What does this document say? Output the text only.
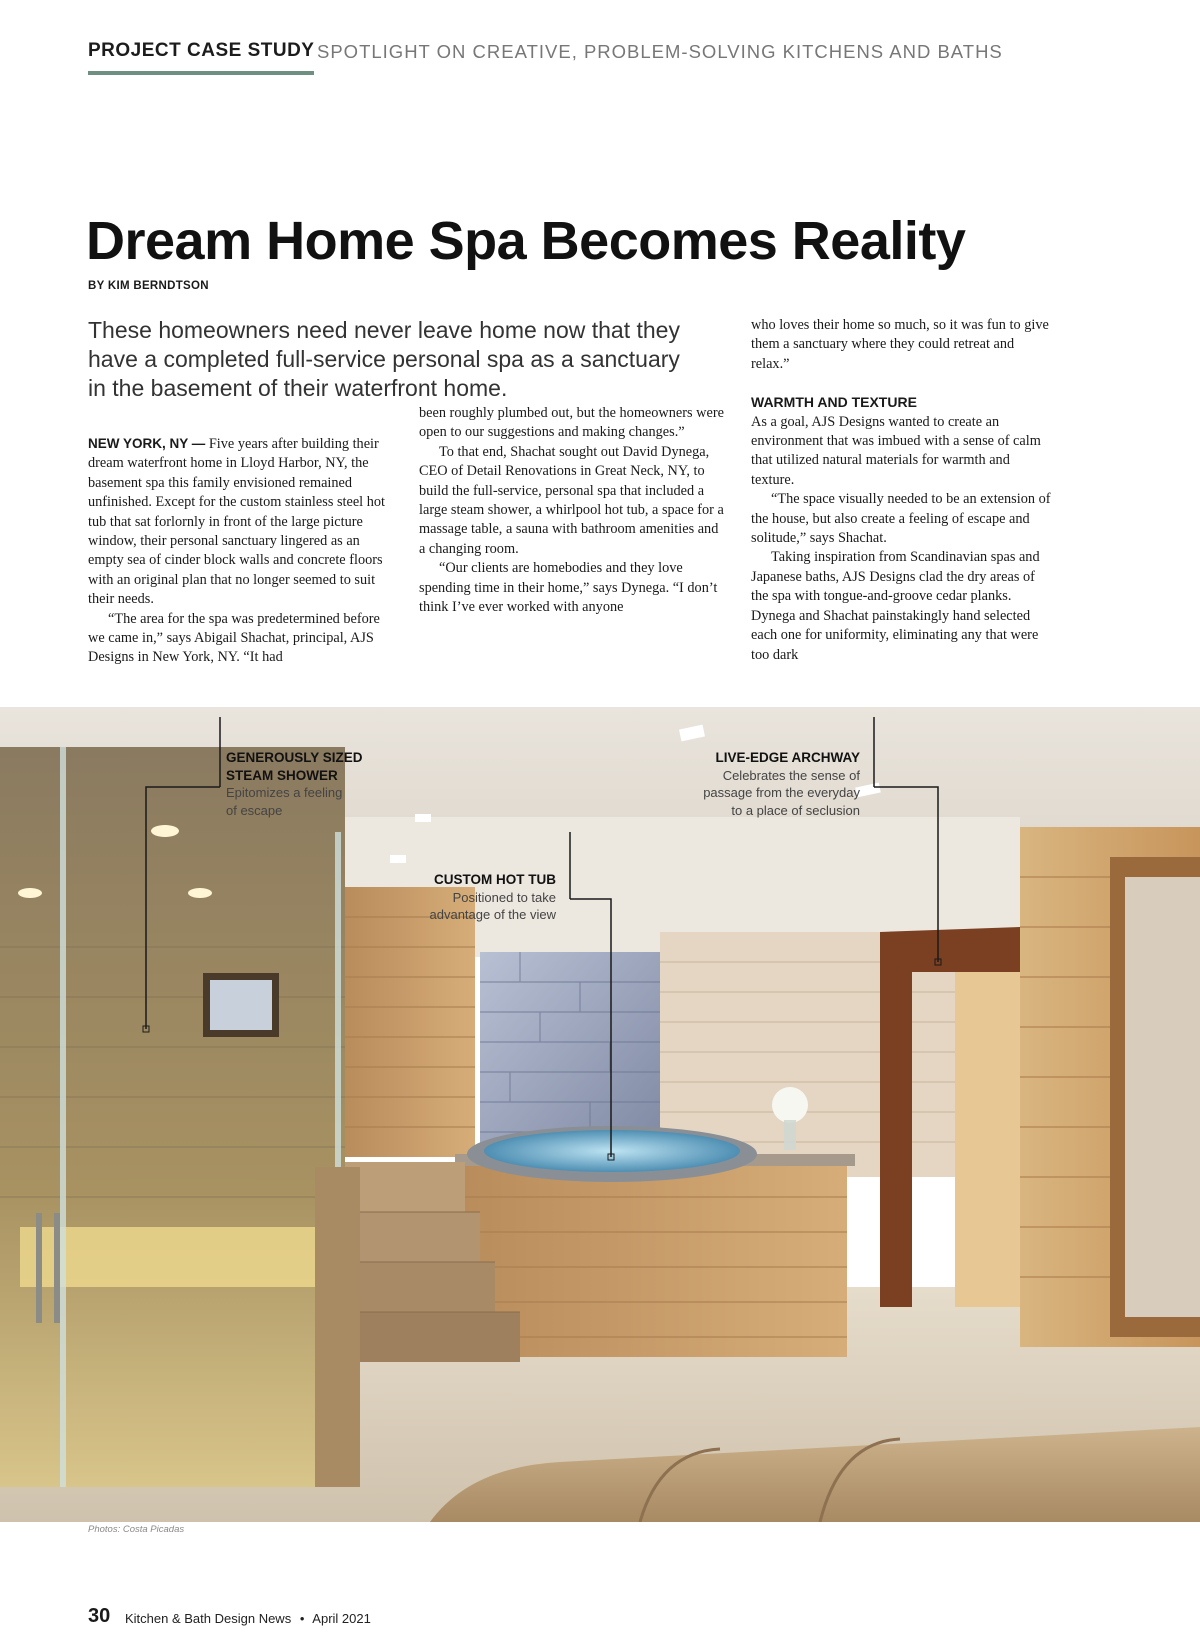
PROJECT CASE STUDY SPOTLIGHT ON CREATIVE, PROBLEM-SOLVING KITCHENS AND BATHS
Dream Home Spa Becomes Reality
BY KIM BERNDTSON
These homeowners need never leave home now that they have a completed full-service personal spa as a sanctuary in the basement of their waterfront home.

NEW YORK, NY — Five years after building their dream waterfront home in Lloyd Harbor, NY, the basement spa this family envisioned remained unfinished. Except for the custom stainless steel hot tub that sat forlornly in front of the large picture window, their personal sanctuary lingered as an empty sea of cinder block walls and concrete floors with an original plan that no longer seemed to suit their needs.

“The area for the spa was predetermined before we came in,” says Abigail Shachat, principal, AJS Designs in New York, NY. “It had

been roughly plumbed out, but the homeowners were open to our suggestions and making changes.”

To that end, Shachat sought out David Dynega, CEO of Detail Renovations in Great Neck, NY, to build the full-service, personal spa that included a large steam shower, a whirlpool hot tub, a space for a massage table, a sauna with bathroom amenities and a changing room.

“Our clients are homebodies and they love spending time in their home,” says Dynega. “I don’t think I’ve ever worked with anyone

who loves their home so much, so it was fun to give them a sanctuary where they could retreat and relax.”

WARMTH AND TEXTURE

As a goal, AJS Designs wanted to create an environment that was imbued with a sense of calm that utilized natural materials for warmth and texture.

“The space visually needed to be an extension of the house, but also create a feeling of escape and solitude,” says Shachat.

Taking inspiration from Scandinavian spas and Japanese baths, AJS Designs clad the dry areas of the spa with tongue-and-groove cedar planks. Dynega and Shachat painstakingly hand selected each one for uniformity, eliminating any that were too dark

GENEROUSLY SIZED
STEAM SHOWER
Epitomizes a feeling
of escape
LIVE-EDGE ARCHWAY
Celebrates the sense of
passage from the everyday
to a place of seclusion
CUSTOM HOT TUB
Positioned to take
advantage of the view
Photos: Costa Picadas
30 Kitchen & Bath Design News • April 2021
